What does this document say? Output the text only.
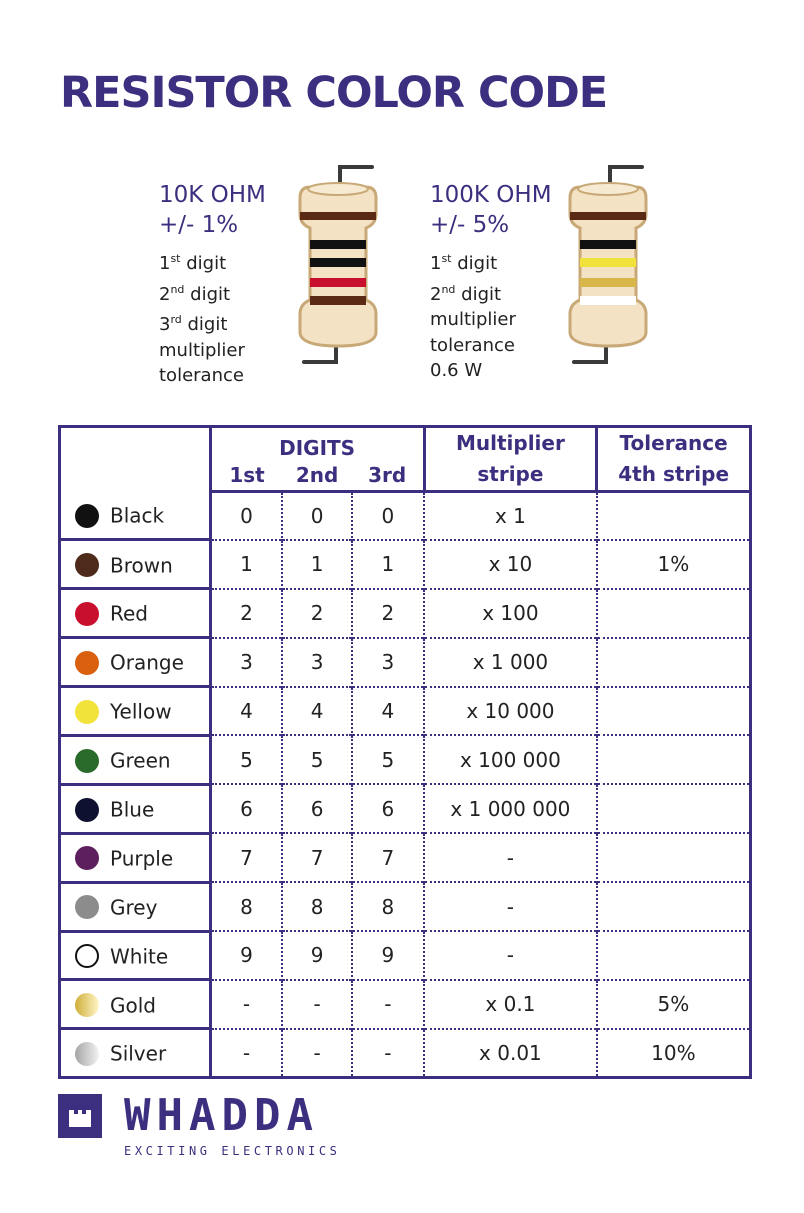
RESISTOR COLOR CODE
10K OHM
+/- 1%
1st digit
2nd digit
3rd digit
multiplier
tolerance
100K OHM
+/- 5%
1st digit
2nd digit
multiplier
tolerance
0.6 W
	DIGITS			Multiplier
stripe	Tolerance
4th stripe
	1st	2nd	3rd		
Black	0	0	0	x 1	
Brown	1	1	1	x 10	1%
Red	2	2	2	x 100	
Orange	3	3	3	x 1 000	
Yellow	4	4	4	x 10 000	
Green	5	5	5	x 100 000	
Blue	6	6	6	x 1 000 000	
Purple	7	7	7	-	
Grey	8	8	8	-	
White	9	9	9	-	
Gold	-	-	-	x 0.1	5%
Silver	-	-	-	x 0.01	10%
WHADDA
EXCITING ELECTRONICS
